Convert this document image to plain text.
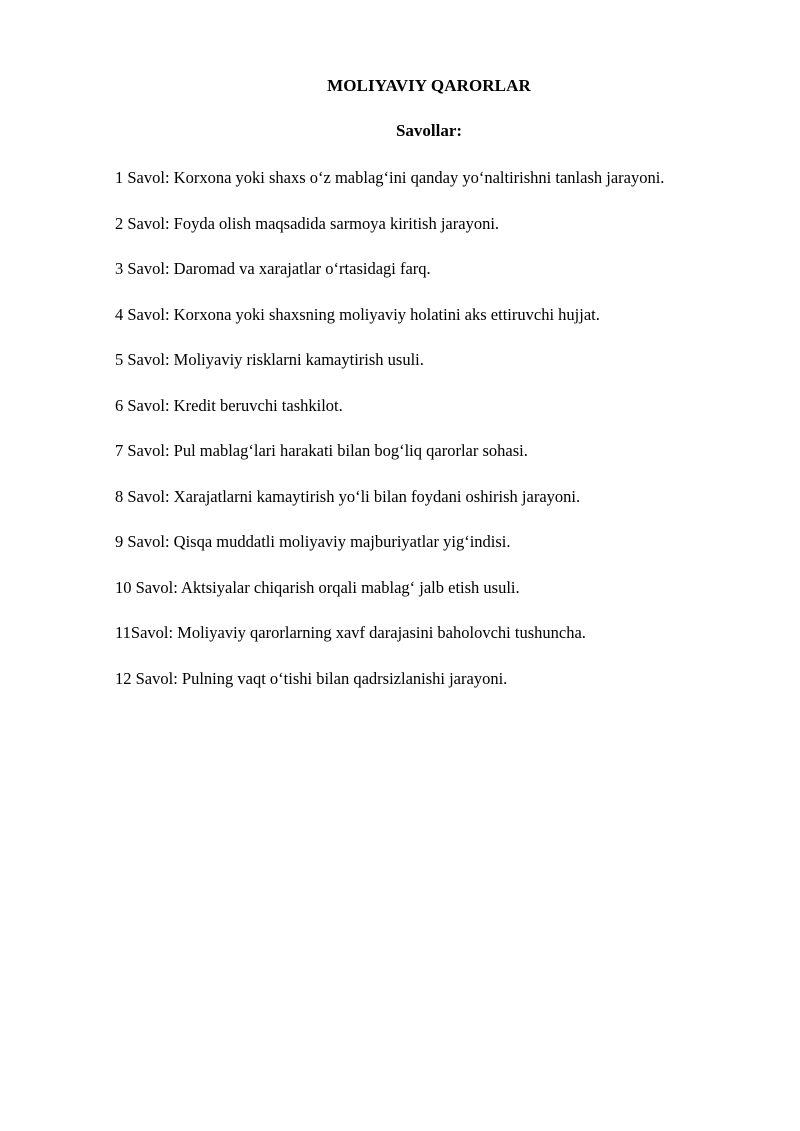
MOLIYAVIY QARORLAR
Savollar:
1 Savol: Korxona yoki shaxs o‘z mablag‘ini qanday yo‘naltirishni tanlash jarayoni.
2 Savol: Foyda olish maqsadida sarmoya kiritish jarayoni.
3 Savol: Daromad va xarajatlar o‘rtasidagi farq.
4 Savol: Korxona yoki shaxsning moliyaviy holatini aks ettiruvchi hujjat.
5 Savol: Moliyaviy risklarni kamaytirish usuli.
6 Savol: Kredit beruvchi tashkilot.
7 Savol: Pul mablag‘lari harakati bilan bog‘liq qarorlar sohasi.
8 Savol: Xarajatlarni kamaytirish yo‘li bilan foydani oshirish jarayoni.
9 Savol: Qisqa muddatli moliyaviy majburiyatlar yig‘indisi.
10 Savol: Aktsiyalar chiqarish orqali mablag‘ jalb etish usuli.
11Savol: Moliyaviy qarorlarning xavf darajasini baholovchi tushuncha.
12 Savol: Pulning vaqt o‘tishi bilan qadrsizlanishi jarayoni.
